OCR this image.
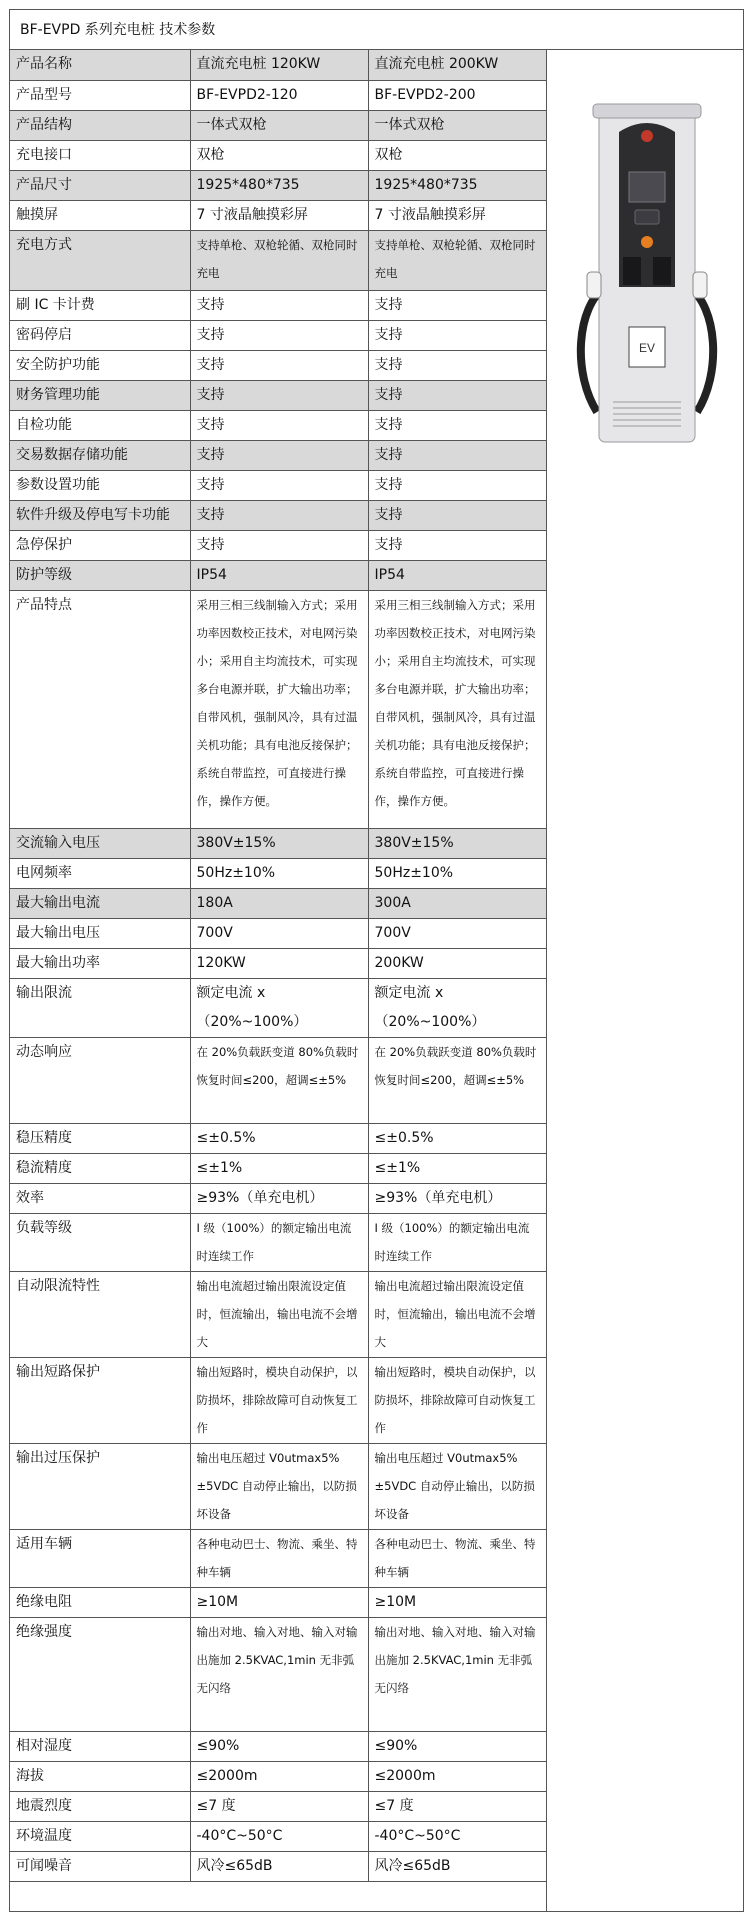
BF-EVPD 系列充电桩 技术参数
产品名称	直流充电桩 120KW	直流充电桩 200KW
产品型号	BF-EVPD2-120	BF-EVPD2-200
产品结构	一体式双枪	一体式双枪
充电接口	双枪	双枪
产品尺寸	1925*480*735	1925*480*735
触摸屏	7 寸液晶触摸彩屏	7 寸液晶触摸彩屏
充电方式	支持单枪、双枪轮循、双枪同时充电	支持单枪、双枪轮循、双枪同时充电
刷 IC 卡计费	支持	支持
密码停启	支持	支持
安全防护功能	支持	支持
财务管理功能	支持	支持
自检功能	支持	支持
交易数据存储功能	支持	支持
参数设置功能	支持	支持
软件升级及停电写卡功能	支持	支持
急停保护	支持	支持
防护等级	IP54	IP54
产品特点	采用三相三线制输入方式；采用功率因数校正技术，对电网污染小；采用自主均流技术，可实现多台电源并联，扩大输出功率；自带风机，强制风冷，具有过温关机功能；具有电池反接保护；系统自带监控，可直接进行操作，操作方便。	采用三相三线制输入方式；采用功率因数校正技术，对电网污染小；采用自主均流技术，可实现多台电源并联，扩大输出功率；自带风机，强制风冷，具有过温关机功能；具有电池反接保护；系统自带监控，可直接进行操作，操作方便。
交流输入电压	380V±15%	380V±15%
电网频率	50Hz±10%	50Hz±10%
最大输出电流	180A	300A
最大输出电压	700V	700V
最大输出功率	120KW	200KW
输出限流	额定电流 x （20%~100%）	额定电流 x （20%~100%）
动态响应	在 20%负载跃变道 80%负载时恢复时间≤200，超调≤±5%	在 20%负载跃变道 80%负载时恢复时间≤200，超调≤±5%
稳压精度	≤±0.5%	≤±0.5%
稳流精度	≤±1%	≤±1%
效率	≥93%（单充电机）	≥93%（单充电机）
负载等级	I 级（100%）的额定输出电流时连续工作	I 级（100%）的额定输出电流时连续工作
自动限流特性	输出电流超过输出限流设定值时，恒流输出，输出电流不会增大	输出电流超过输出限流设定值时，恒流输出，输出电流不会增大
输出短路保护	输出短路时，模块自动保护，以防损坏，排除故障可自动恢复工作	输出短路时，模块自动保护，以防损坏，排除故障可自动恢复工作
输出过压保护	输出电压超过 V0utmax5%±5VDC 自动停止输出，以防损坏设备	输出电压超过 V0utmax5%±5VDC 自动停止输出，以防损坏设备
适用车辆	各种电动巴士、物流、乘坐、特种车辆	各种电动巴士、物流、乘坐、特种车辆
绝缘电阻	≥10M	≥10M
绝缘强度	输出对地、输入对地、输入对输出施加 2.5KVAC,1min 无非弧无闪络	输出对地、输入对地、输入对输出施加 2.5KVAC,1min 无非弧无闪络
相对湿度	≤90%	≤90%
海拔	≤2000m	≤2000m
地震烈度	≤7 度	≤7 度
环境温度	-40°C~50°C	-40°C~50°C
可闻噪音	风冷≤65dB	风冷≤65dB
EV
